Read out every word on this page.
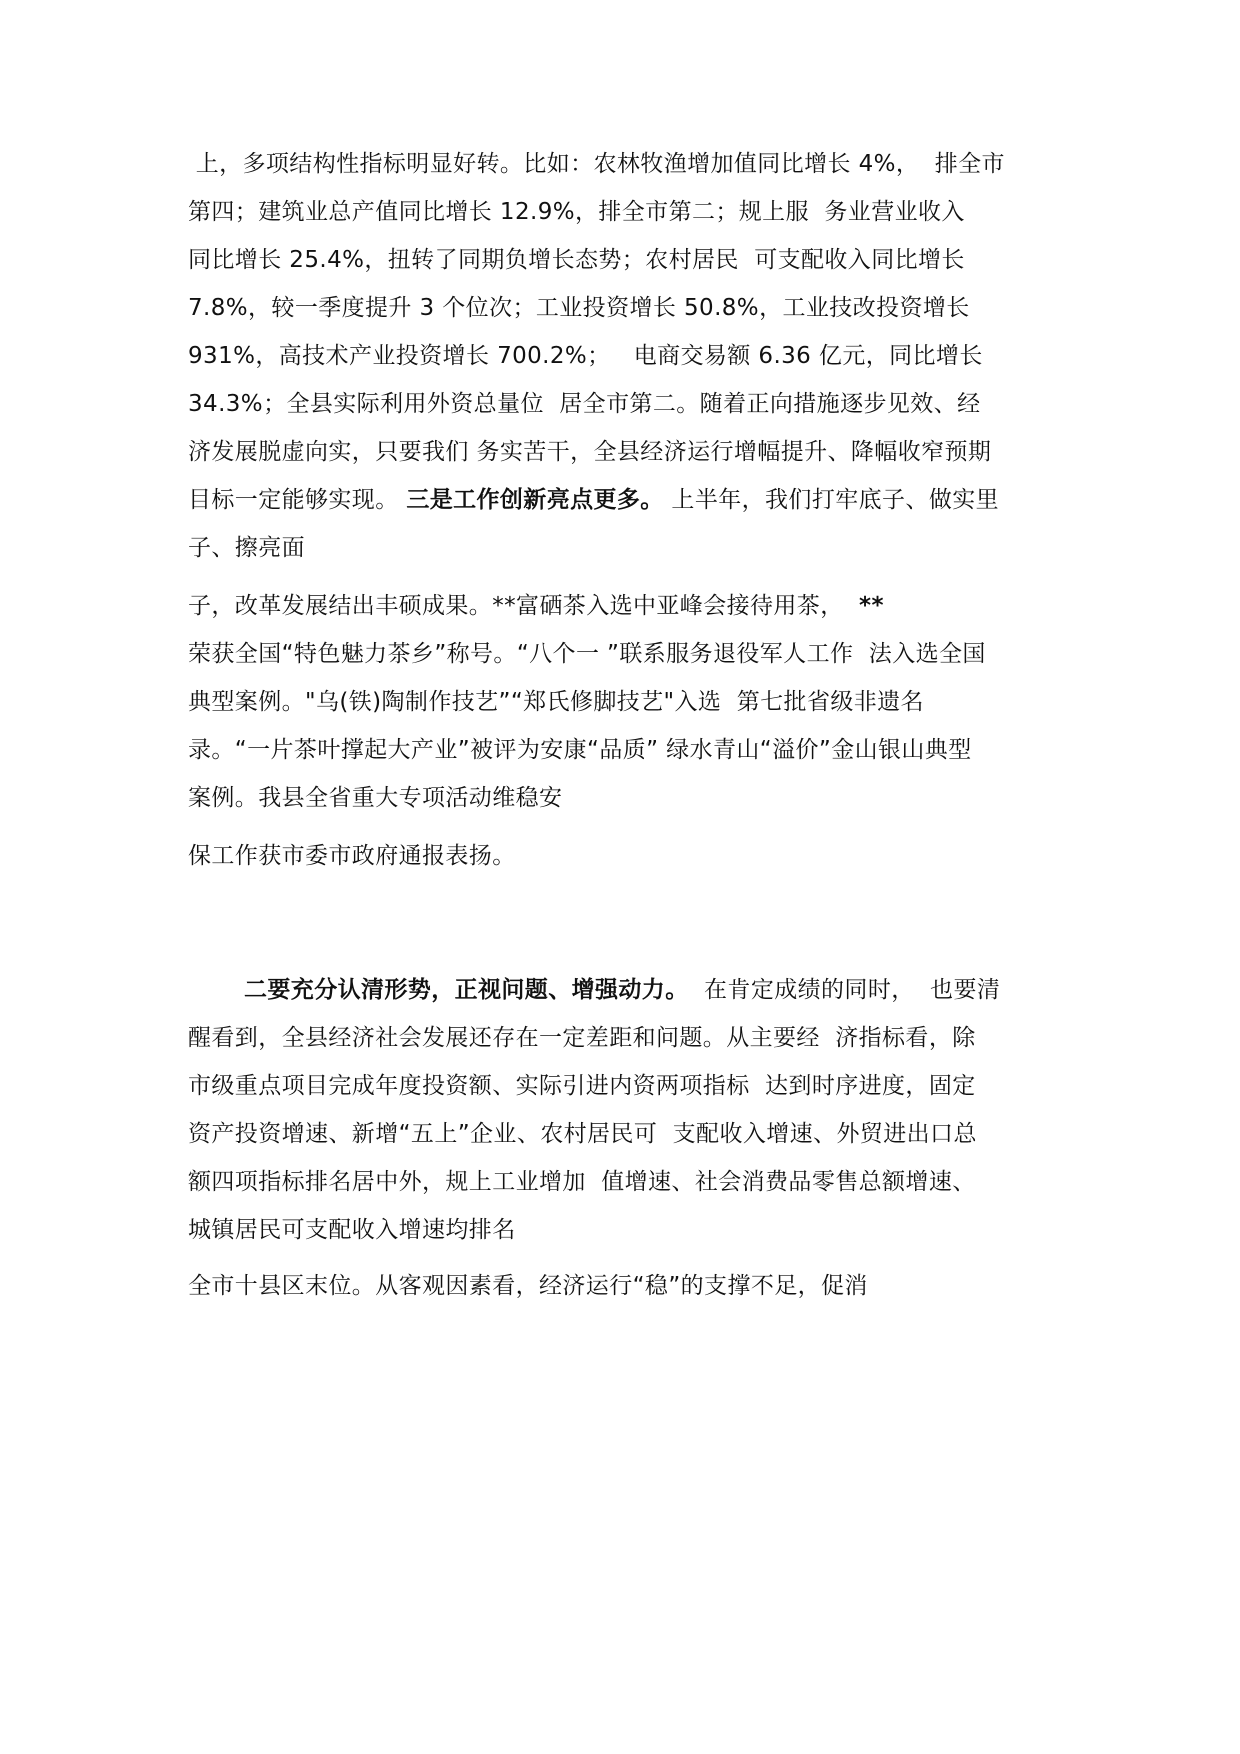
上，多项结构性指标明显好转。比如：农林牧渔增加值同比增长 4%，  排全市
第四；建筑业总产值同比增长 12.9%，排全市第二；规上服  务业营业收入
同比增长 25.4%，扭转了同期负增长态势；农村居民  可支配收入同比增长
7.8%，较一季度提升 3 个位次；工业投资增长 50.8%，工业技改投资增长
931%，高技术产业投资增长 700.2%；   电商交易额 6.36 亿元，同比增长
34.3%；全县实际利用外资总量位  居全市第二。随着正向措施逐步见效、经
济发展脱虚向实，只要我们 务实苦干，全县经济运行增幅提升、降幅收窄预期
目标一定能够实现。 三是工作创新亮点更多。 上半年，我们打牢底子、做实里
子、擦亮面
子，改革发展结出丰硕成果。**富硒茶入选中亚峰会接待用茶，  **
荣获全国“特色魅力茶乡”称号。“八个一 ”联系服务退役军人工作  法入选全国
典型案例。"乌(铁)陶制作技艺”“郑氏修脚技艺"入选  第七批省级非遗名
录。“一片茶叶撑起大产业”被评为安康“品质” 绿水青山“溢价”金山银山典型
案例。我县全省重大专项活动维稳安
保工作获市委市政府通报表扬。
二要充分认清形势，正视问题、增强动力。  在肯定成绩的同时，  也要清
醒看到，全县经济社会发展还存在一定差距和问题。从主要经  济指标看，除
市级重点项目完成年度投资额、实际引进内资两项指标  达到时序进度，固定
资产投资增速、新增“五上”企业、农村居民可  支配收入增速、外贸进出口总
额四项指标排名居中外，规上工业增加  值增速、社会消费品零售总额增速、
城镇居民可支配收入增速均排名
全市十县区末位。从客观因素看，经济运行“稳”的支撑不足，促消
